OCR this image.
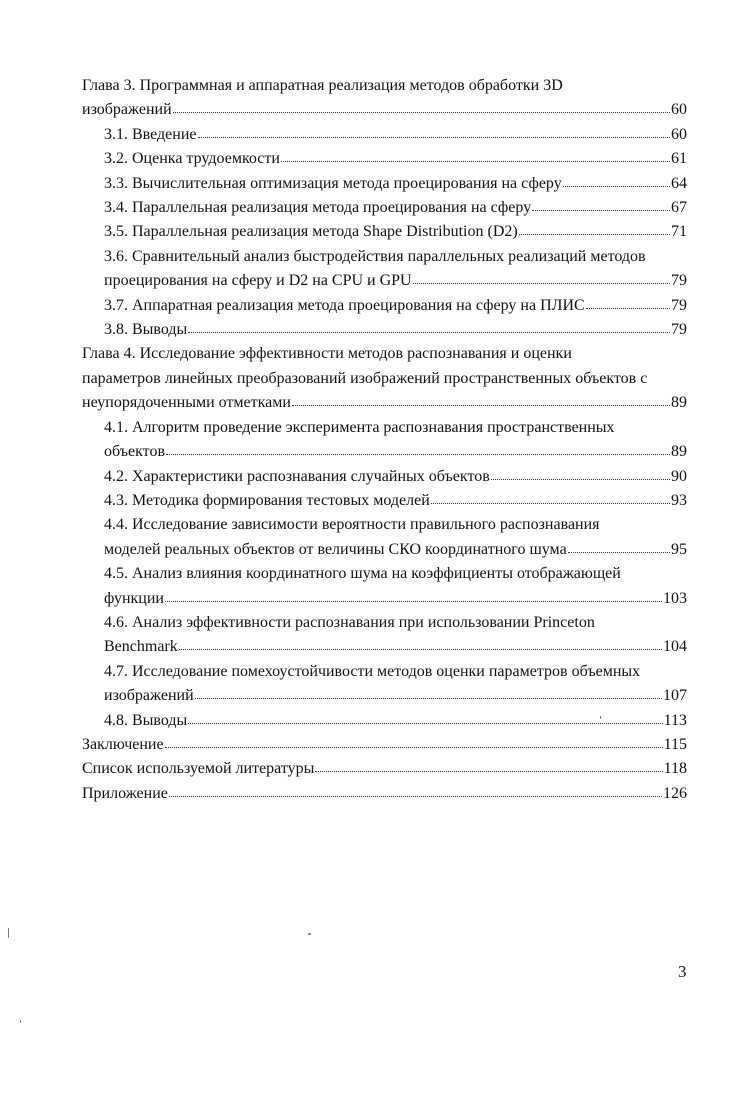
Глава 3. Программная и аппаратная реализация методов обработки 3D
изображений	60
3.1. Введение	60
3.2. Оценка трудоемкости	61
3.3. Вычислительная оптимизация метода проецирования на сферу	64
3.4. Параллельная реализация метода проецирования на сферу	67
3.5. Параллельная реализация метода Shape Distribution (D2)	71
3.6. Сравнительный анализ быстродействия параллельных реализаций методов
проецирования на сферу и D2 на CPU и GPU	79
3.7. Аппаратная реализация метода проецирования на сферу на ПЛИС	79
3.8. Выводы	79
Глава 4. Исследование эффективности методов распознавания и оценки
параметров линейных преобразований изображений пространственных объектов с
неупорядоченными отметками	89
4.1. Алгоритм проведение эксперимента распознавания пространственных
объектов	89
4.2. Характеристики распознавания случайных объектов	90
4.3. Методика формирования тестовых моделей	93
4.4. Исследование зависимости вероятности правильного распознавания
моделей реальных объектов от величины СКО координатного шума	95
4.5. Анализ влияния координатного шума на коэффициенты отображающей
функции	103
4.6. Анализ эффективности распознавания при использовании Princeton
Benchmark	104
4.7. Исследование помехоустойчивости методов оценки параметров объемных
изображений	107
4.8. Выводы	113
Заключение	115
Список используемой литературы	118
Приложение	126
3
